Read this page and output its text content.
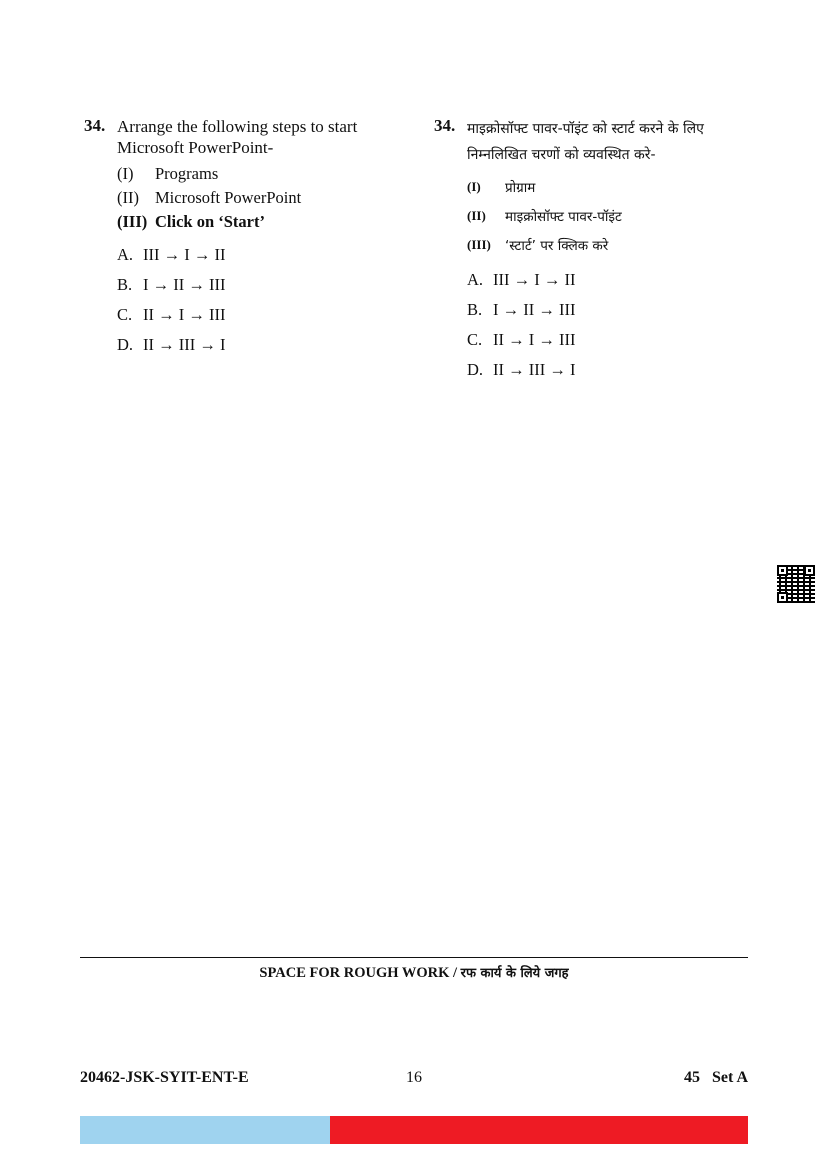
34. Arrange the following steps to start Microsoft PowerPoint-
(I)	Programs
(II) Microsoft PowerPoint
(III) Click on ‘Start’
A. III → I → II
B. I → II → III
C. II → I → III
D. II → III → I
34. माइक्रोसॉफ्ट पावर-पॉइंट को स्टार्ट करने के लिए निम्नलिखित चरणों को व्यवस्थित करे-
(I)	प्रोग्राम
(II)	माइक्रोसॉफ्ट पावर-पॉइंट
(III)	‘स्टार्ट’ पर क्लिक करे
A. III → I → II
B. I → II → III
C. II → I → III
D. II → III → I
SPACE FOR ROUGH WORK / रफ कार्य के लिये जगह
20462-JSK-SYIT-ENT-E	16	45   Set A
